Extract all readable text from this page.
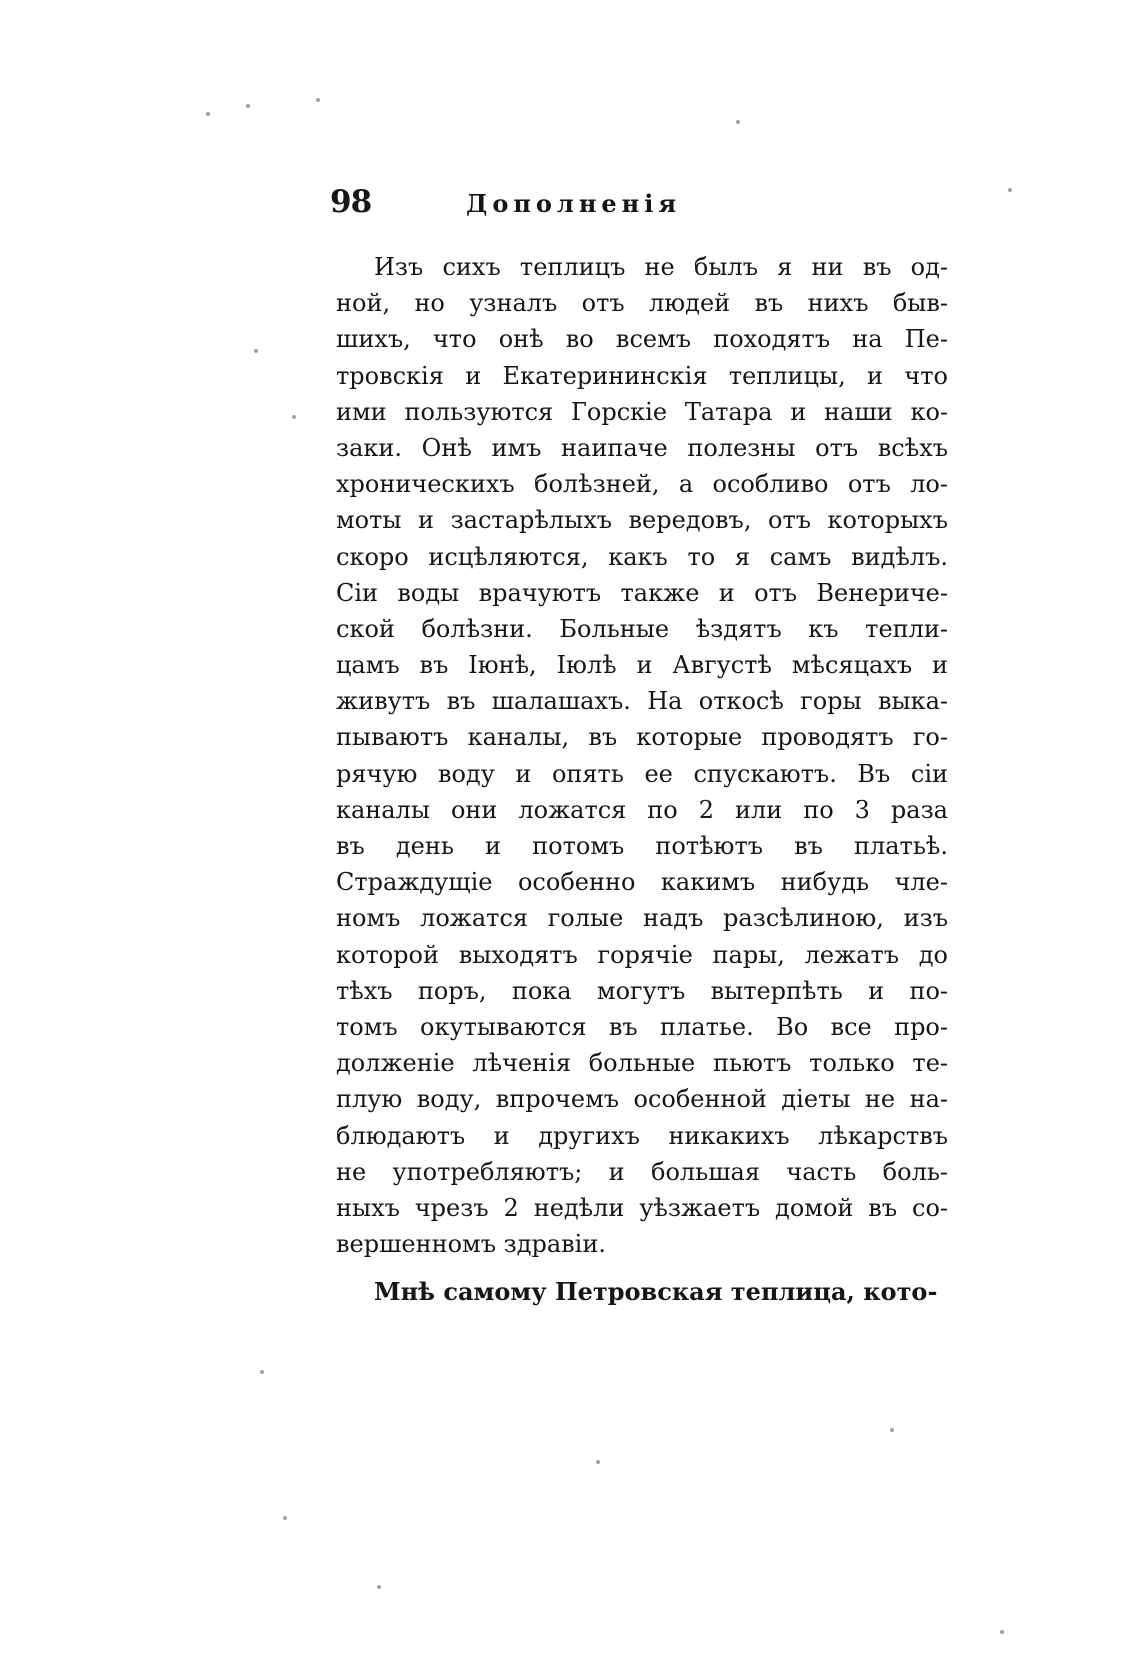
98	Дополненія
Изъ сихъ теплицъ не былъ я ни въ од-
ной, но узналъ отъ людей въ нихъ быв-
шихъ, что онѣ во всемъ походятъ на Пе-
тровскія и Екатерининскія теплицы, и что
ими пользуются Горскіе Татара и наши ко-
заки. Онѣ имъ наипаче полезны отъ всѣхъ
хроническихъ болѣзней, а особливо отъ ло-
моты и застарѣлыхъ вередовъ, отъ которыхъ
скоро исцѣляются, какъ то я самъ видѣлъ.
Сіи воды врачуютъ также и отъ Венериче-
ской болѣзни. Больные ѣздятъ къ тепли-
цамъ въ Іюнѣ, Іюлѣ и Августѣ мѣсяцахъ и
живутъ въ шалашахъ. На откосѣ горы выка-
пываютъ каналы, въ которые проводятъ го-
рячую воду и опять ее спускаютъ. Въ сіи
каналы они ложатся по 2 или по 3 раза
въ день и потомъ потѣютъ въ платьѣ.
Страждущіе особенно какимъ нибудь чле-
номъ ложатся голые надъ разсѣлиною, изъ
которой выходятъ горячіе пары, лежатъ до
тѣхъ поръ, пока могутъ вытерпѣть и по-
томъ окутываются въ платье. Во все про-
долженіе лѣченія больные пьютъ только те-
плую воду, впрочемъ особенной діеты не на-
блюдаютъ и другихъ никакихъ лѣкарствъ
не употребляютъ; и большая часть боль-
ныхъ чрезъ 2 недѣли уѣзжаетъ домой въ со-
вершенномъ здравіи.
Мнѣ самому Петровская теплица, кото-
